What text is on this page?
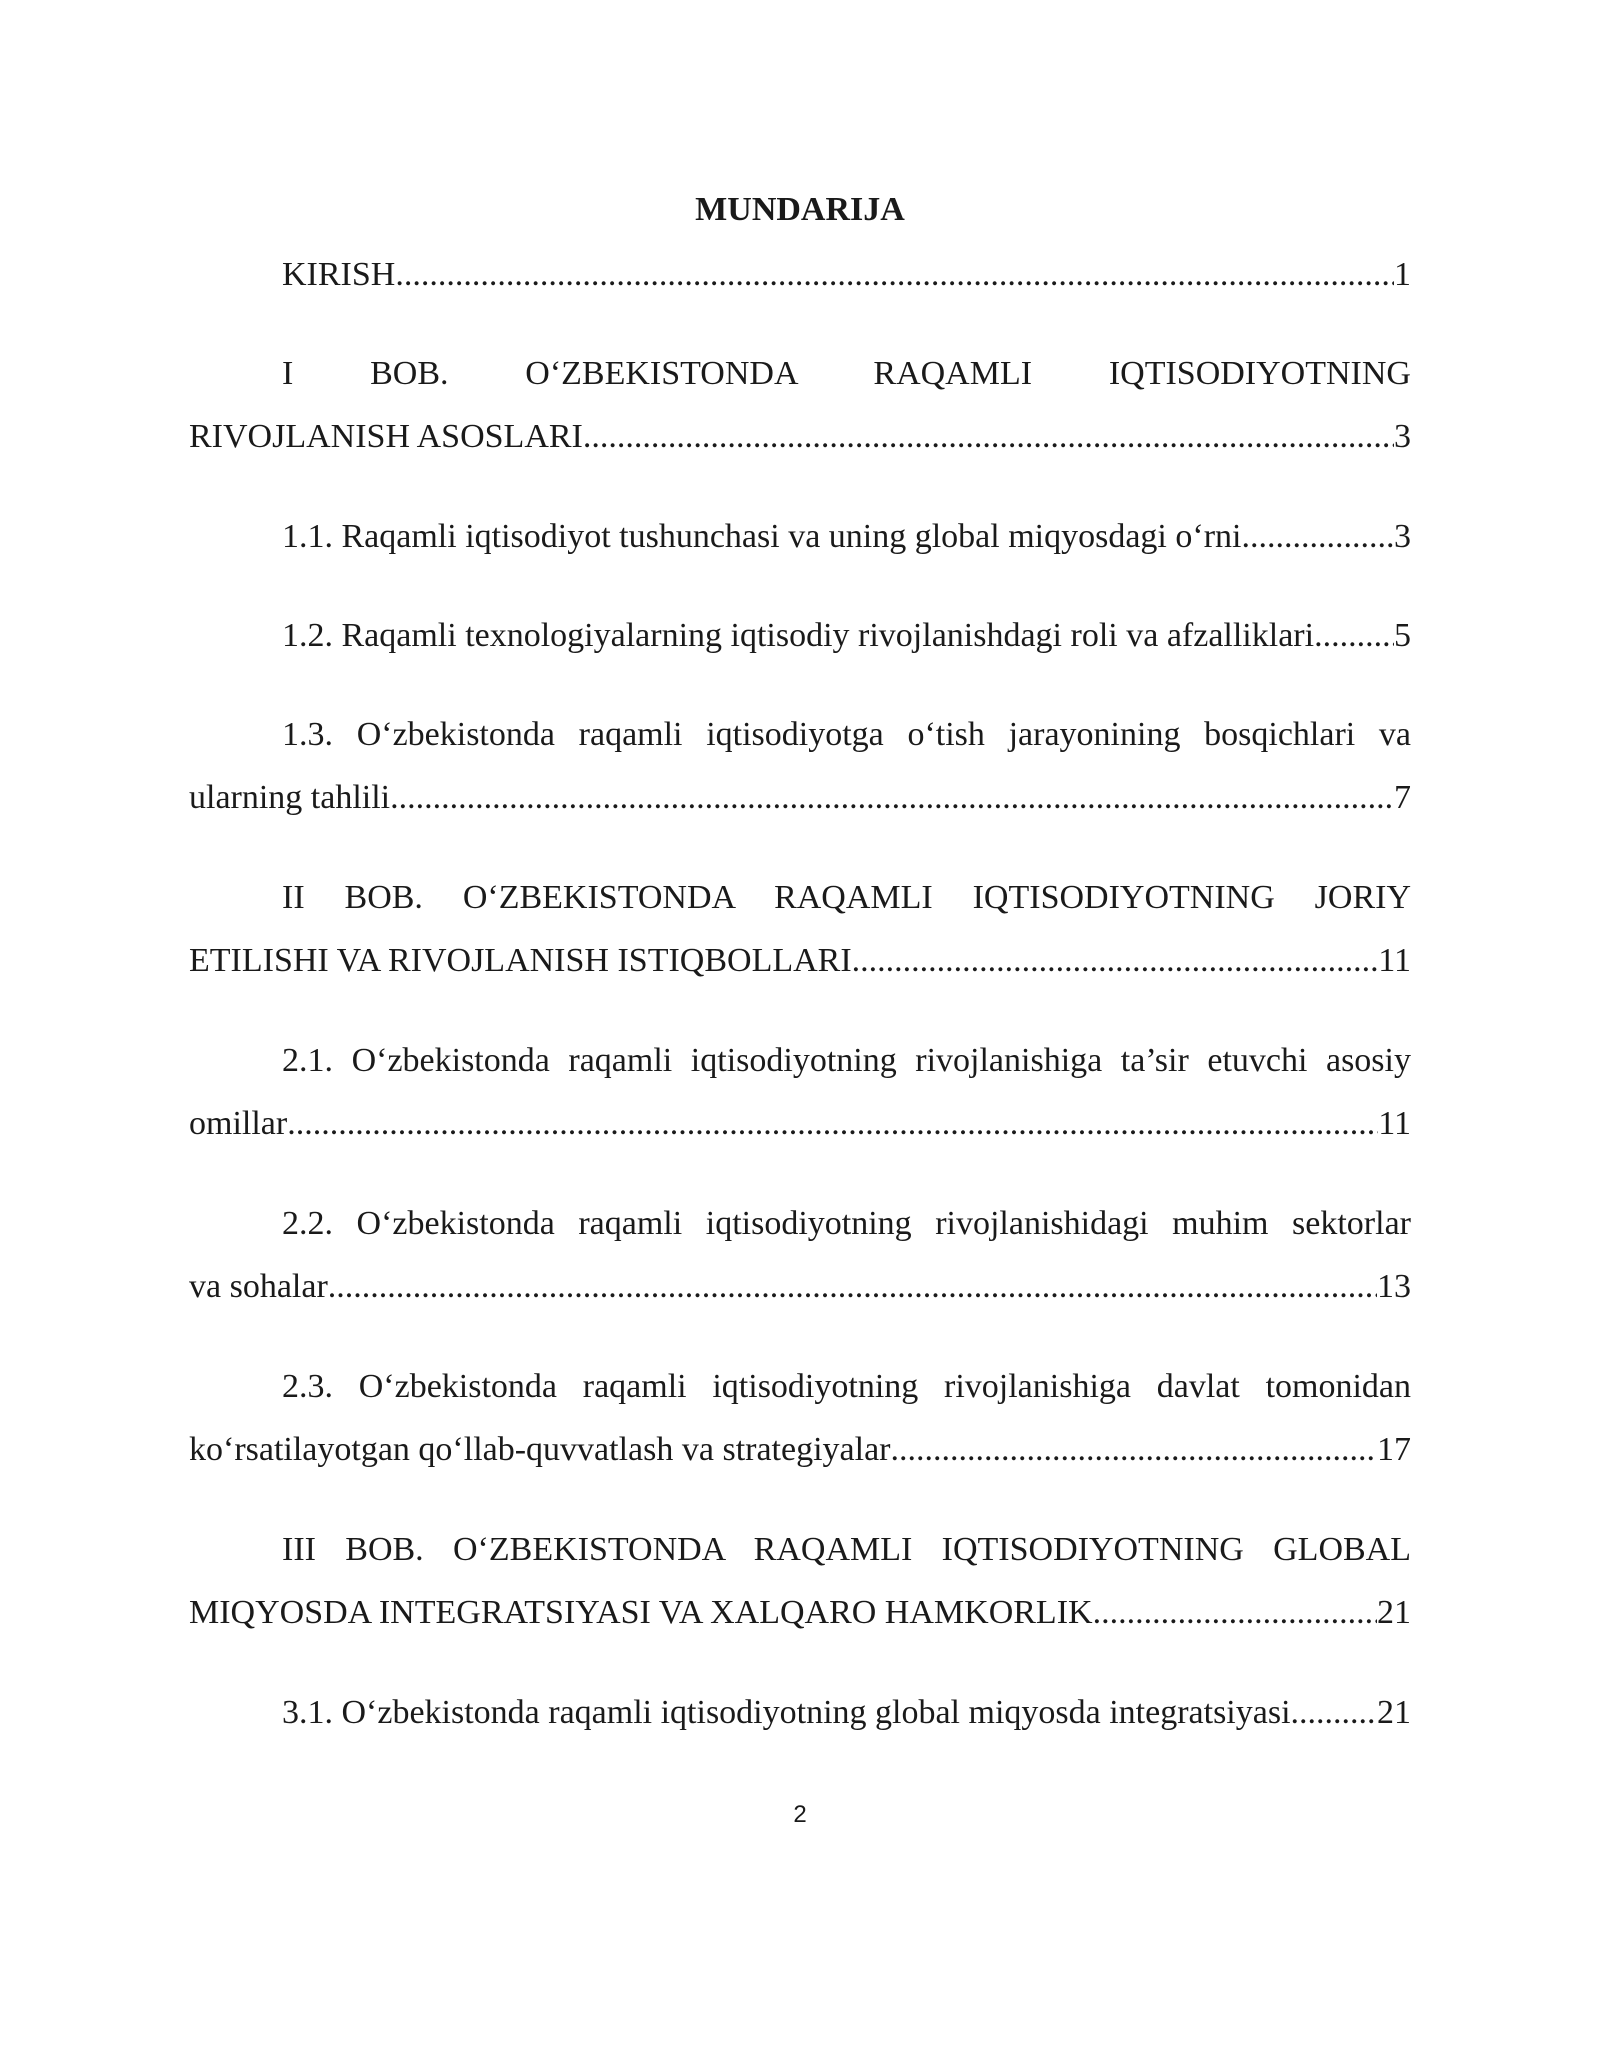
MUNDARIJA
KIRISH .....	1
I BOB. O‘ZBEKISTONDA RAQAMLI IQTISODIYOTNING
RIVOJLANISH ASOSLARI .....	3
1.1. Raqamli iqtisodiyot tushunchasi va uning global miqyosdagi o‘rni .....	3
1.2. Raqamli texnologiyalarning iqtisodiy rivojlanishdagi roli va afzalliklari ..... 5
1.3. O‘zbekistonda raqamli iqtisodiyotga o‘tish jarayonining bosqichlari va
ularning tahlili .....	7
II BOB. O‘ZBEKISTONDA RAQAMLI IQTISODIYOTNING JORIY
ETILISHI VA RIVOJLANISH ISTIQBOLLARI .....	11
2.1. O‘zbekistonda raqamli iqtisodiyotning rivojlanishiga ta’sir etuvchi asosiy
omillar .....	11
2.2. O‘zbekistonda raqamli iqtisodiyotning rivojlanishidagi muhim sektorlar
va sohalar .....	13
2.3. O‘zbekistonda raqamli iqtisodiyotning rivojlanishiga davlat tomonidan
ko‘rsatilayotgan qo‘llab-quvvatlash va strategiyalar .....	17
III BOB. O‘ZBEKISTONDA RAQAMLI IQTISODIYOTNING GLOBAL
MIQYOSDA INTEGRATSIYASI VA XALQARO HAMKORLIK .....	21
3.1. O‘zbekistonda raqamli iqtisodiyotning global miqyosda integratsiyasi .....	21
2
